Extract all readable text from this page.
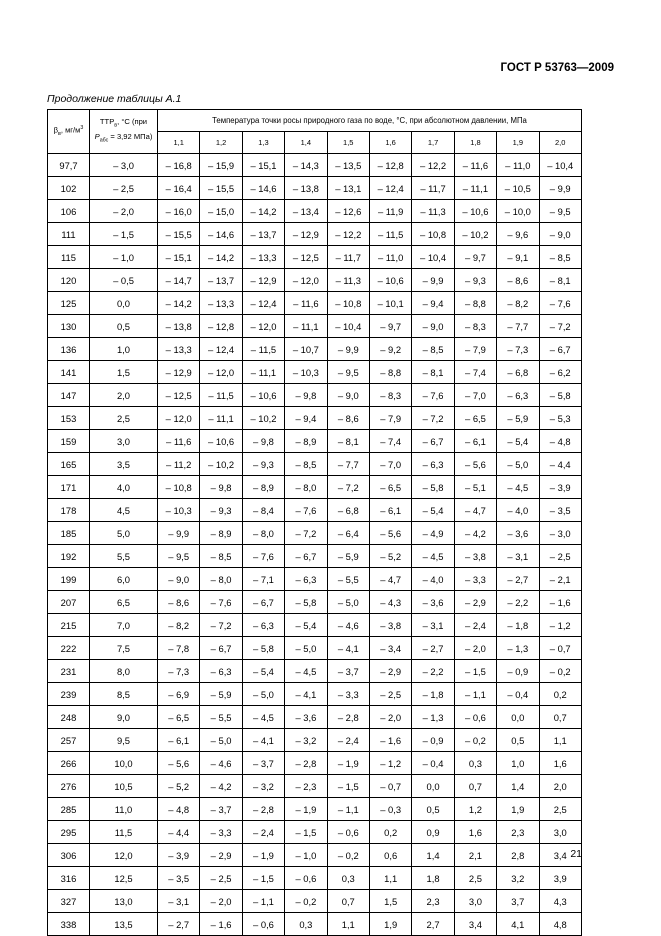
ГОСТ Р 53763—2009
Продолжение таблицы А.1
$\beta_в$, $мг/м^3$	$ТТР_в$, °С (при
$P_{абс} = 3,92$ МПа)	Температура точки росы природного газа по воде, °С, при абсолютном давлении, МПа									
		1,1	1,2	1,3	1,4	1,5	1,6	1,7	1,8	1,9	2,0
97,7	– 3,0	– 16,8	– 15,9	– 15,1	– 14,3	– 13,5	– 12,8	– 12,2	– 11,6	– 11,0	– 10,4
102	– 2,5	– 16,4	– 15,5	– 14,6	– 13,8	– 13,1	– 12,4	– 11,7	– 11,1	– 10,5	– 9,9
106	– 2,0	– 16,0	– 15,0	– 14,2	– 13,4	– 12,6	– 11,9	– 11,3	– 10,6	– 10,0	– 9,5
111	– 1,5	– 15,5	– 14,6	– 13,7	– 12,9	– 12,2	– 11,5	– 10,8	– 10,2	– 9,6	– 9,0
115	– 1,0	– 15,1	– 14,2	– 13,3	– 12,5	– 11,7	– 11,0	– 10,4	– 9,7	– 9,1	– 8,5
120	– 0,5	– 14,7	– 13,7	– 12,9	– 12,0	– 11,3	– 10,6	– 9,9	– 9,3	– 8,6	– 8,1
125	0,0	– 14,2	– 13,3	– 12,4	– 11,6	– 10,8	– 10,1	– 9,4	– 8,8	– 8,2	– 7,6
130	0,5	– 13,8	– 12,8	– 12,0	– 11,1	– 10,4	– 9,7	– 9,0	– 8,3	– 7,7	– 7,2
136	1,0	– 13,3	– 12,4	– 11,5	– 10,7	– 9,9	– 9,2	– 8,5	– 7,9	– 7,3	– 6,7
141	1,5	– 12,9	– 12,0	– 11,1	– 10,3	– 9,5	– 8,8	– 8,1	– 7,4	– 6,8	– 6,2
147	2,0	– 12,5	– 11,5	– 10,6	– 9,8	– 9,0	– 8,3	– 7,6	– 7,0	– 6,3	– 5,8
153	2,5	– 12,0	– 11,1	– 10,2	– 9,4	– 8,6	– 7,9	– 7,2	– 6,5	– 5,9	– 5,3
159	3,0	– 11,6	– 10,6	– 9,8	– 8,9	– 8,1	– 7,4	– 6,7	– 6,1	– 5,4	– 4,8
165	3,5	– 11,2	– 10,2	– 9,3	– 8,5	– 7,7	– 7,0	– 6,3	– 5,6	– 5,0	– 4,4
171	4,0	– 10,8	– 9,8	– 8,9	– 8,0	– 7,2	– 6,5	– 5,8	– 5,1	– 4,5	– 3,9
178	4,5	– 10,3	– 9,3	– 8,4	– 7,6	– 6,8	– 6,1	– 5,4	– 4,7	– 4,0	– 3,5
185	5,0	– 9,9	– 8,9	– 8,0	– 7,2	– 6,4	– 5,6	– 4,9	– 4,2	– 3,6	– 3,0
192	5,5	– 9,5	– 8,5	– 7,6	– 6,7	– 5,9	– 5,2	– 4,5	– 3,8	– 3,1	– 2,5
199	6,0	– 9,0	– 8,0	– 7,1	– 6,3	– 5,5	– 4,7	– 4,0	– 3,3	– 2,7	– 2,1
207	6,5	– 8,6	– 7,6	– 6,7	– 5,8	– 5,0	– 4,3	– 3,6	– 2,9	– 2,2	– 1,6
215	7,0	– 8,2	– 7,2	– 6,3	– 5,4	– 4,6	– 3,8	– 3,1	– 2,4	– 1,8	– 1,2
222	7,5	– 7,8	– 6,7	– 5,8	– 5,0	– 4,1	– 3,4	– 2,7	– 2,0	– 1,3	– 0,7
231	8,0	– 7,3	– 6,3	– 5,4	– 4,5	– 3,7	– 2,9	– 2,2	– 1,5	– 0,9	– 0,2
239	8,5	– 6,9	– 5,9	– 5,0	– 4,1	– 3,3	– 2,5	– 1,8	– 1,1	– 0,4	0,2
248	9,0	– 6,5	– 5,5	– 4,5	– 3,6	– 2,8	– 2,0	– 1,3	– 0,6	0,0	0,7
257	9,5	– 6,1	– 5,0	– 4,1	– 3,2	– 2,4	– 1,6	– 0,9	– 0,2	0,5	1,1
266	10,0	– 5,6	– 4,6	– 3,7	– 2,8	– 1,9	– 1,2	– 0,4	0,3	1,0	1,6
276	10,5	– 5,2	– 4,2	– 3,2	– 2,3	– 1,5	– 0,7	0,0	0,7	1,4	2,0
285	11,0	– 4,8	– 3,7	– 2,8	– 1,9	– 1,1	– 0,3	0,5	1,2	1,9	2,5
295	11,5	– 4,4	– 3,3	– 2,4	– 1,5	– 0,6	0,2	0,9	1,6	2,3	3,0
306	12,0	– 3,9	– 2,9	– 1,9	– 1,0	– 0,2	0,6	1,4	2,1	2,8	3,4
316	12,5	– 3,5	– 2,5	– 1,5	– 0,6	0,3	1,1	1,8	2,5	3,2	3,9
327	13,0	– 3,1	– 2,0	– 1,1	– 0,2	0,7	1,5	2,3	3,0	3,7	4,3
338	13,5	– 2,7	– 1,6	– 0,6	0,3	1,1	1,9	2,7	3,4	4,1	4,8
21
